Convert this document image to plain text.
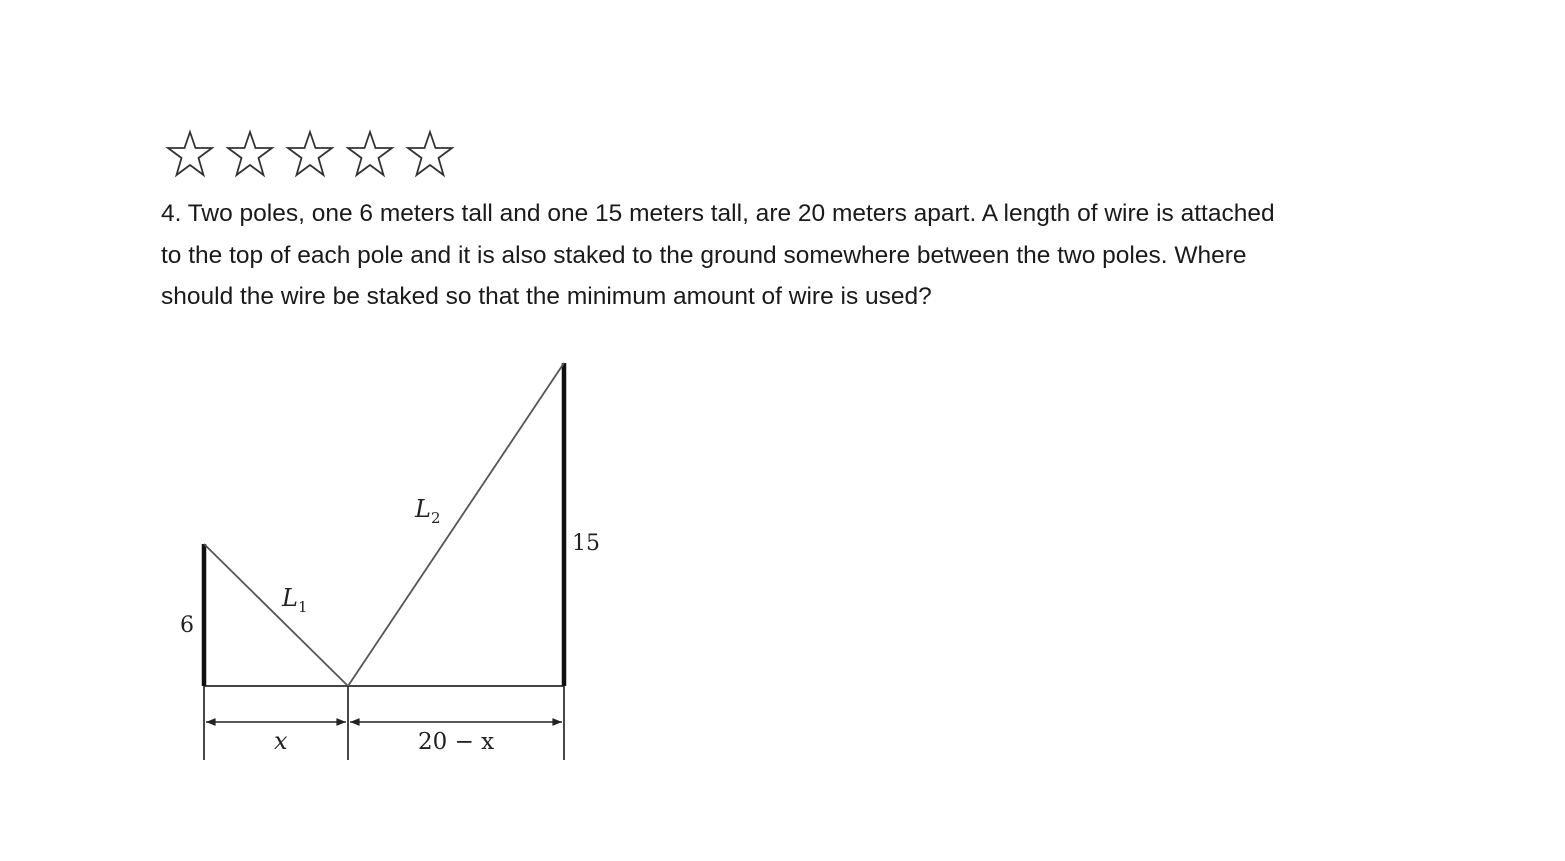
4. Two poles, one 6 meters tall and one 15 meters tall, are 20 meters apart. A length of wire is attached

to the top of each pole and it is also staked to the ground somewhere between the two poles. Where

should the wire be staked so that the minimum amount of wire is used?

6
15
$L_1$
$L_2$
x	20 − x
